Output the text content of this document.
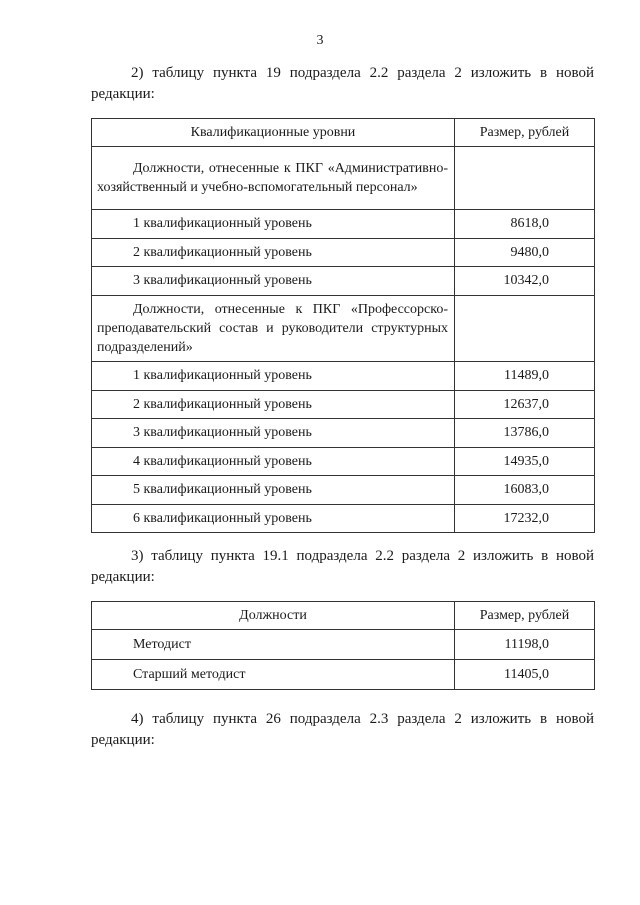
3
2) таблицу пункта 19 подраздела 2.2 раздела 2 изложить в новой редакции:
Квалификационные уровни	Размер, рублей
Должности, отнесенные к ПКГ «Административно-хозяйственный и учебно-вспомогательный персонал»	
1 квалификационный уровень	8618,0
2 квалификационный уровень	9480,0
3 квалификационный уровень	10342,0
Должности, отнесенные к ПКГ «Профессорско-преподавательский состав и руководители структурных подразделений»	
1 квалификационный уровень	11489,0
2 квалификационный уровень	12637,0
3 квалификационный уровень	13786,0
4 квалификационный уровень	14935,0
5 квалификационный уровень	16083,0
6 квалификационный уровень	17232,0
3) таблицу пункта 19.1 подраздела 2.2 раздела 2 изложить в новой редакции:
Должности	Размер, рублей
Методист	11198,0
Старший методист	11405,0
4) таблицу пункта 26 подраздела 2.3 раздела 2 изложить в новой редакции:
